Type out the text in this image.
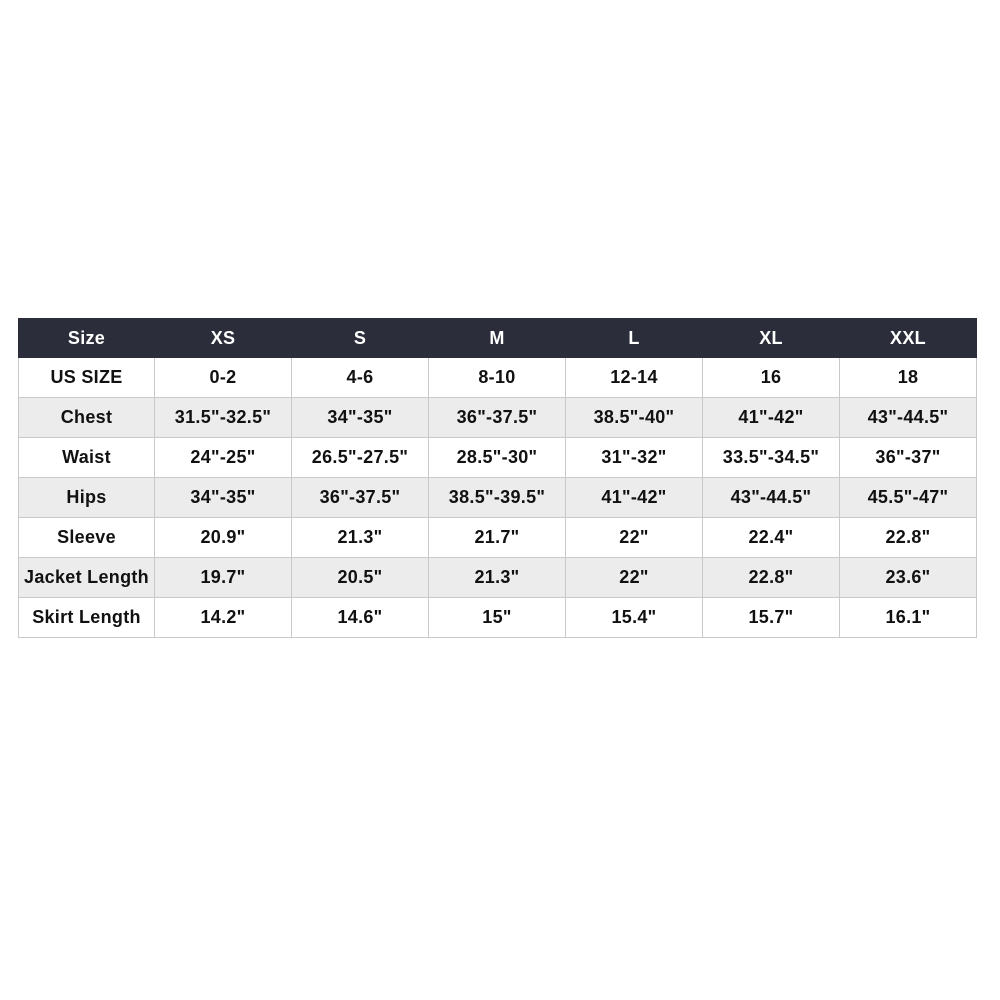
Size	XS	S	M	L	XL	XXL
US SIZE	0-2	4-6	8-10	12-14	16	18
Chest	31.5"-32.5"	34"-35"	36"-37.5"	38.5"-40"	41"-42"	43"-44.5"
Waist	24"-25"	26.5"-27.5"	28.5"-30"	31"-32"	33.5"-34.5"	36"-37"
Hips	34"-35"	36"-37.5"	38.5"-39.5"	41"-42"	43"-44.5"	45.5"-47"
Sleeve	20.9"	21.3"	21.7"	22"	22.4"	22.8"
Jacket Length	19.7"	20.5"	21.3"	22"	22.8"	23.6"
Skirt Length	14.2"	14.6"	15"	15.4"	15.7"	16.1"
